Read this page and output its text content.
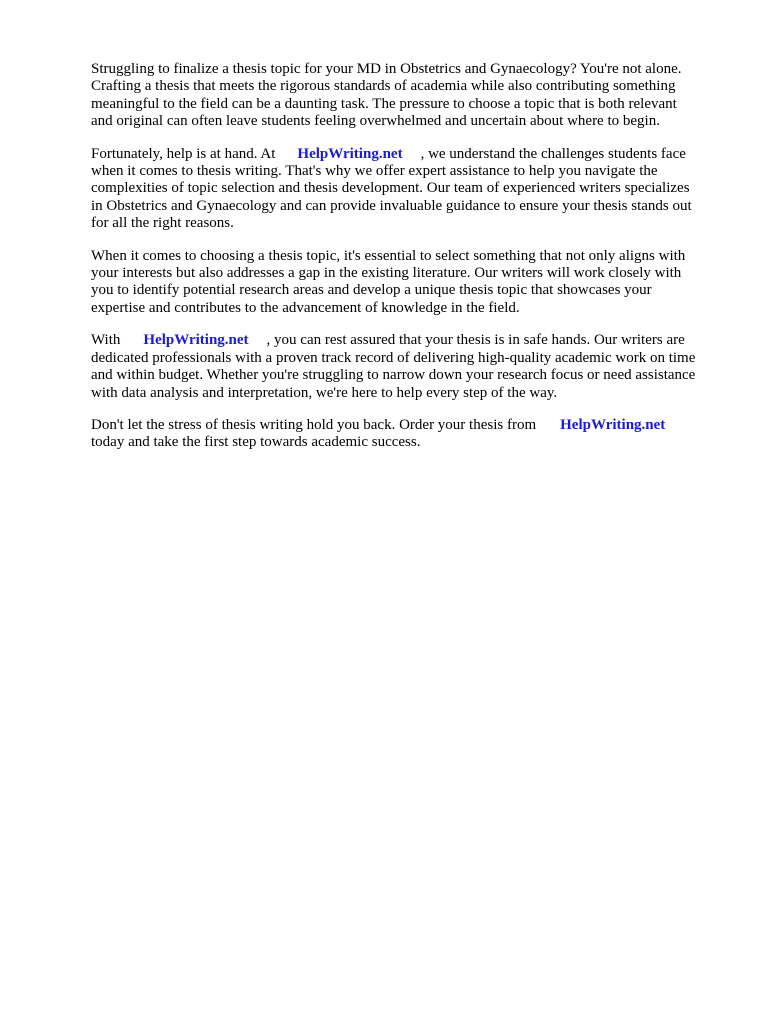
Struggling to finalize a thesis topic for your MD in Obstetrics and Gynaecology? You're not alone.
Crafting a thesis that meets the rigorous standards of academia while also contributing something
meaningful to the field can be a daunting task. The pressure to choose a topic that is both relevant
and original can often leave students feeling overwhelmed and uncertain about where to begin.

Fortunately, help is at hand. At HelpWriting.net , we understand the challenges students face
when it comes to thesis writing. That's why we offer expert assistance to help you navigate the
complexities of topic selection and thesis development. Our team of experienced writers specializes
in Obstetrics and Gynaecology and can provide invaluable guidance to ensure your thesis stands out
for all the right reasons.

When it comes to choosing a thesis topic, it's essential to select something that not only aligns with
your interests but also addresses a gap in the existing literature. Our writers will work closely with
you to identify potential research areas and develop a unique thesis topic that showcases your
expertise and contributes to the advancement of knowledge in the field.

With HelpWriting.net , you can rest assured that your thesis is in safe hands. Our writers are
dedicated professionals with a proven track record of delivering high-quality academic work on time
and within budget. Whether you're struggling to narrow down your research focus or need assistance
with data analysis and interpretation, we're here to help every step of the way.

Don't let the stress of thesis writing hold you back. Order your thesis from HelpWriting.net
today and take the first step towards academic success.
